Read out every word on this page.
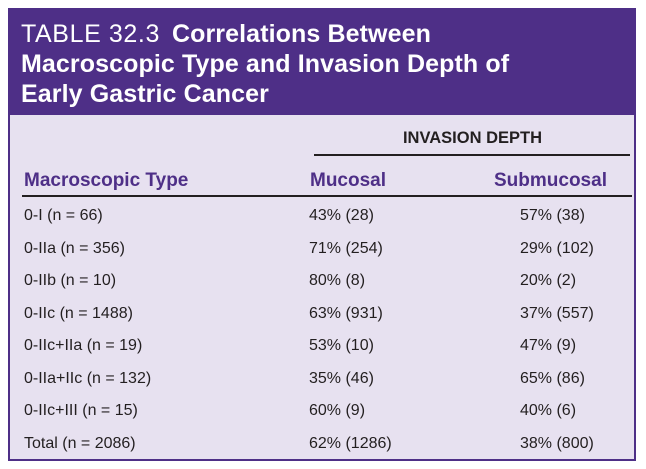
TABLE 32.3 Correlations Between
Macroscopic Type and Invasion Depth of
Early Gastric Cancer
INVASION DEPTH
Macroscopic Type	Mucosal	Submucosal
0-I (n = 66)	43% (28)	57% (38)
0-IIa (n = 356)	71% (254)	29% (102)
0-IIb (n = 10)	80% (8)	20% (2)
0-IIc (n = 1488)	63% (931)	37% (557)
0-IIc+IIa (n = 19)	53% (10)	47% (9)
0-IIa+IIc (n = 132)	35% (46)	65% (86)
0-IIc+III (n = 15)	60% (9)	40% (6)
Total (n = 2086)	62% (1286)	38% (800)
